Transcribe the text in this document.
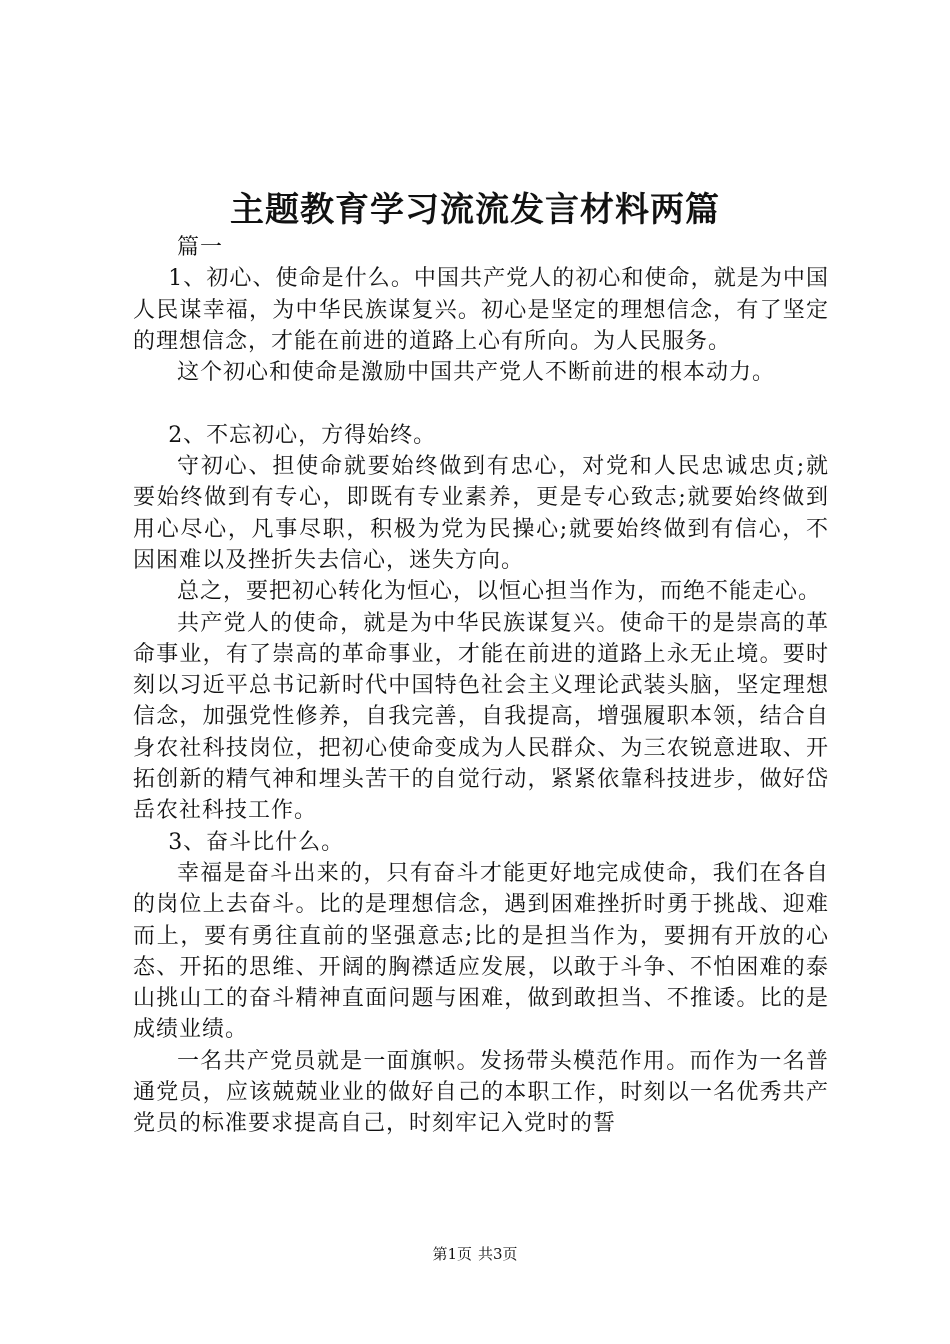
主题教育学习流流发言材料两篇

篇一

1、初心、使命是什么。中国共产党人的初心和使命，就是为中国人民谋幸福，为中华民族谋复兴。初心是坚定的理想信念，有了坚定的理想信念，才能在前进的道路上心有所向。为人民服务。

这个初心和使命是激励中国共产党人不断前进的根本动力。

2、不忘初心，方得始终。

守初心、担使命就要始终做到有忠心，对党和人民忠诚忠贞;就要始终做到有专心，即既有专业素养，更是专心致志;就要始终做到用心尽心，凡事尽职，积极为党为民操心;就要始终做到有信心，不因困难以及挫折失去信心，迷失方向。

总之，要把初心转化为恒心，以恒心担当作为，而绝不能走心。

共产党人的使命，就是为中华民族谋复兴。使命干的是崇高的革命事业，有了崇高的革命事业，才能在前进的道路上永无止境。要时刻以习近平总书记新时代中国特色社会主义理论武装头脑，坚定理想信念，加强党性修养，自我完善，自我提高，增强履职本领，结合自身农社科技岗位，把初心使命变成为人民群众、为三农锐意进取、开拓创新的精气神和埋头苦干的自觉行动，紧紧依靠科技进步，做好岱岳农社科技工作。

3、奋斗比什么。

幸福是奋斗出来的，只有奋斗才能更好地完成使命，我们在各自的岗位上去奋斗。比的是理想信念，遇到困难挫折时勇于挑战、迎难而上，要有勇往直前的坚强意志;比的是担当作为，要拥有开放的心态、开拓的思维、开阔的胸襟适应发展，以敢于斗争、不怕困难的泰山挑山工的奋斗精神直面问题与困难，做到敢担当、不推诿。比的是成绩业绩。

一名共产党员就是一面旗帜。发扬带头模范作用。而作为一名普通党员，应该兢兢业业的做好自己的本职工作，时刻以一名优秀共产党员的标准要求提高自己，时刻牢记入党时的誓

第1页 共3页
